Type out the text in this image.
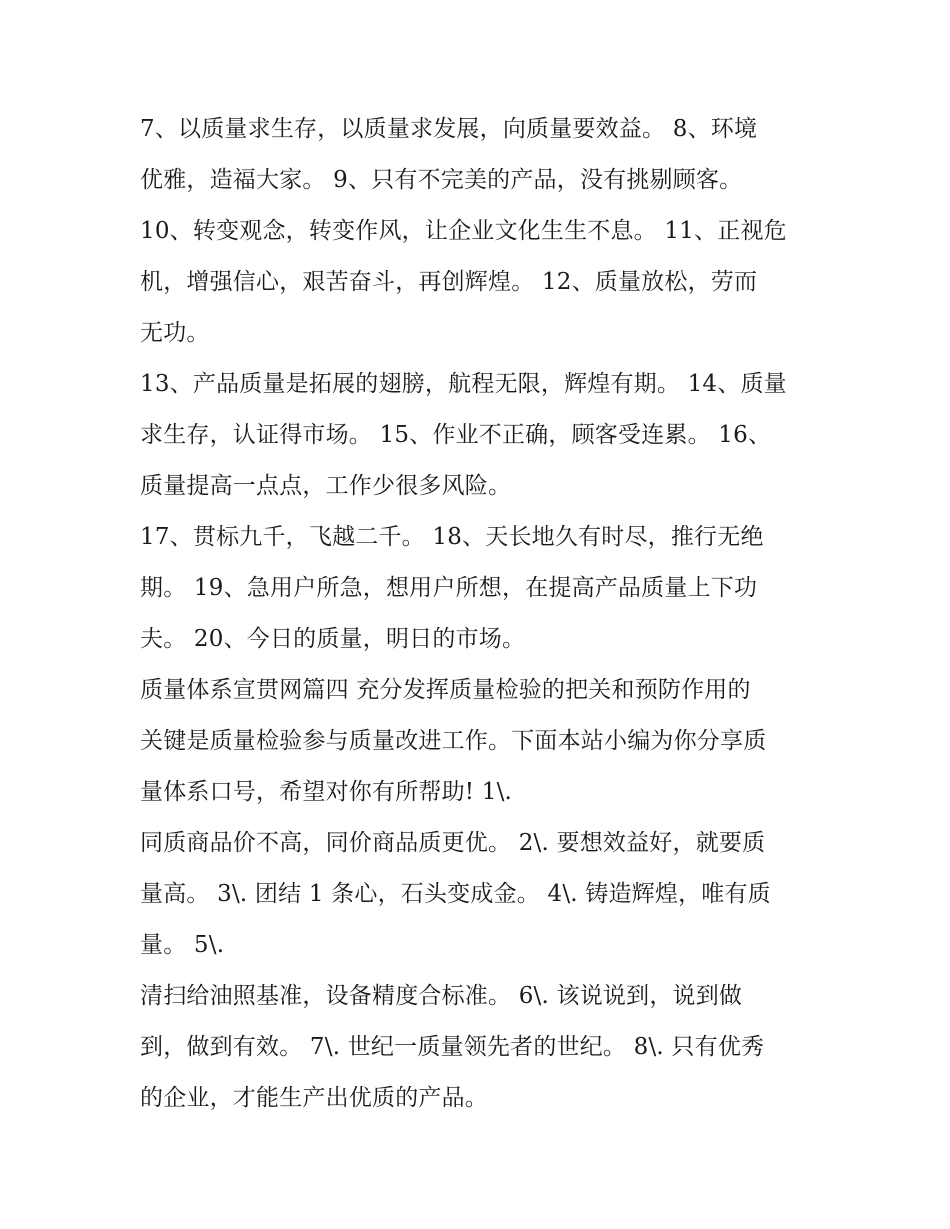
7、以质量求生存，以质量求发展，向质量要效益。 8、环境
优雅，造福大家。 9、只有不完美的产品，没有挑剔顾客。
10、转变观念，转变作风，让企业文化生生不息。 11、正视危
机，增强信心，艰苦奋斗，再创辉煌。 12、质量放松，劳而
无功。
13、产品质量是拓展的翅膀，航程无限，辉煌有期。 14、质量
求生存，认证得市场。 15、作业不正确，顾客受连累。 16、
质量提高一点点，工作少很多风险。
17、贯标九千，飞越二千。 18、天长地久有时尽，推行无绝
期。 19、急用户所急，想用户所想，在提高产品质量上下功
夫。 20、今日的质量，明日的市场。
质量体系宣贯网篇四 充分发挥质量检验的把关和预防作用的
关键是质量检验参与质量改进工作。下面本站小编为你分享质
量体系口号，希望对你有所帮助! 1\.
同质商品价不高，同价商品质更优。 2\. 要想效益好，就要质
量高。 3\. 团结 1 条心，石头变成金。 4\. 铸造辉煌，唯有质
量。 5\.
清扫给油照基准，设备精度合标准。 6\. 该说说到，说到做
到，做到有效。 7\. 世纪一质量领先者的世纪。 8\. 只有优秀
的企业，才能生产出优质的产品。
